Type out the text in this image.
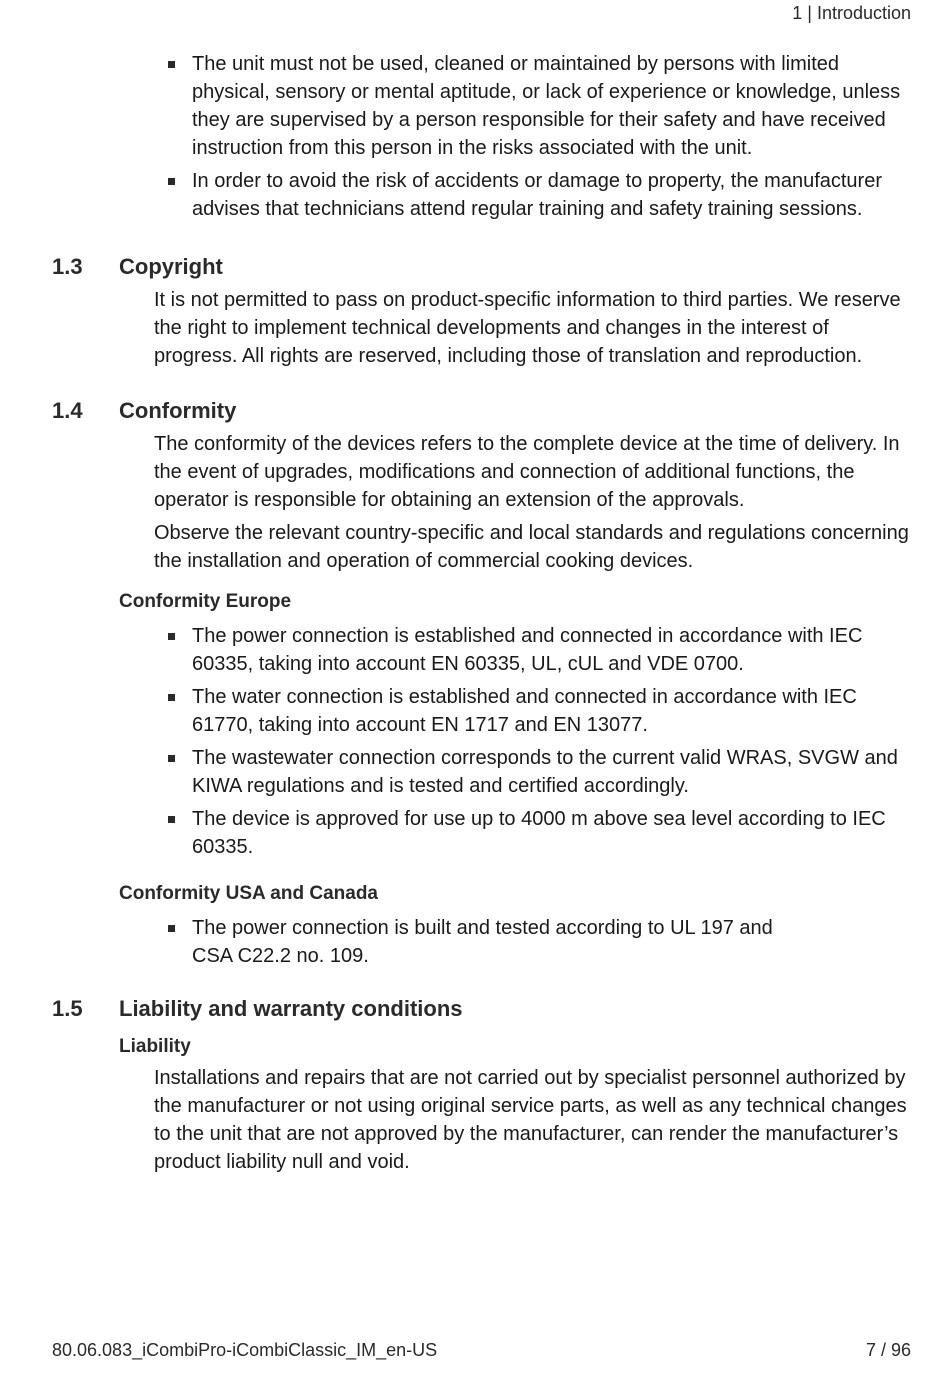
1 | Introduction
The unit must not be used, cleaned or maintained by persons with limited physical, sensory or mental aptitude, or lack of experience or knowledge, unless they are supervised by a person responsible for their safety and have received instruction from this person in the risks associated with the unit.
In order to avoid the risk of accidents or damage to property, the manufacturer advises that technicians attend regular training and safety training sessions.
1.3	Copyright

It is not permitted to pass on product-specific information to third parties. We reserve the right to implement technical developments and changes in the interest of progress. All rights are reserved, including those of translation and reproduction.

1.4	Conformity

The conformity of the devices refers to the complete device at the time of delivery. In the event of upgrades, modifications and connection of additional functions, the operator is responsible for obtaining an extension of the approvals.

Observe the relevant country-specific and local standards and regulations concerning the installation and operation of commercial cooking devices.

Conformity Europe
The power connection is established and connected in accordance with IEC 60335, taking into account EN 60335, UL, cUL and VDE 0700.
The water connection is established and connected in accordance with IEC 61770, taking into account EN 1717 and EN 13077.
The wastewater connection corresponds to the current valid WRAS, SVGW and KIWA regulations and is tested and certified accordingly.
The device is approved for use up to 4000 m above sea level according to IEC 60335.
Conformity USA and Canada
The power connection is built and tested according to UL 197 and CSA C22.2 no. 109.
1.5	Liability and warranty conditions
Liability

Installations and repairs that are not carried out by specialist personnel authorized by the manufacturer or not using original service parts, as well as any technical changes to the unit that are not approved by the manufacturer, can render the manufacturer’s product liability null and void.

80.06.083_iCombiPro-iCombiClassic_IM_en-US	7 / 96
